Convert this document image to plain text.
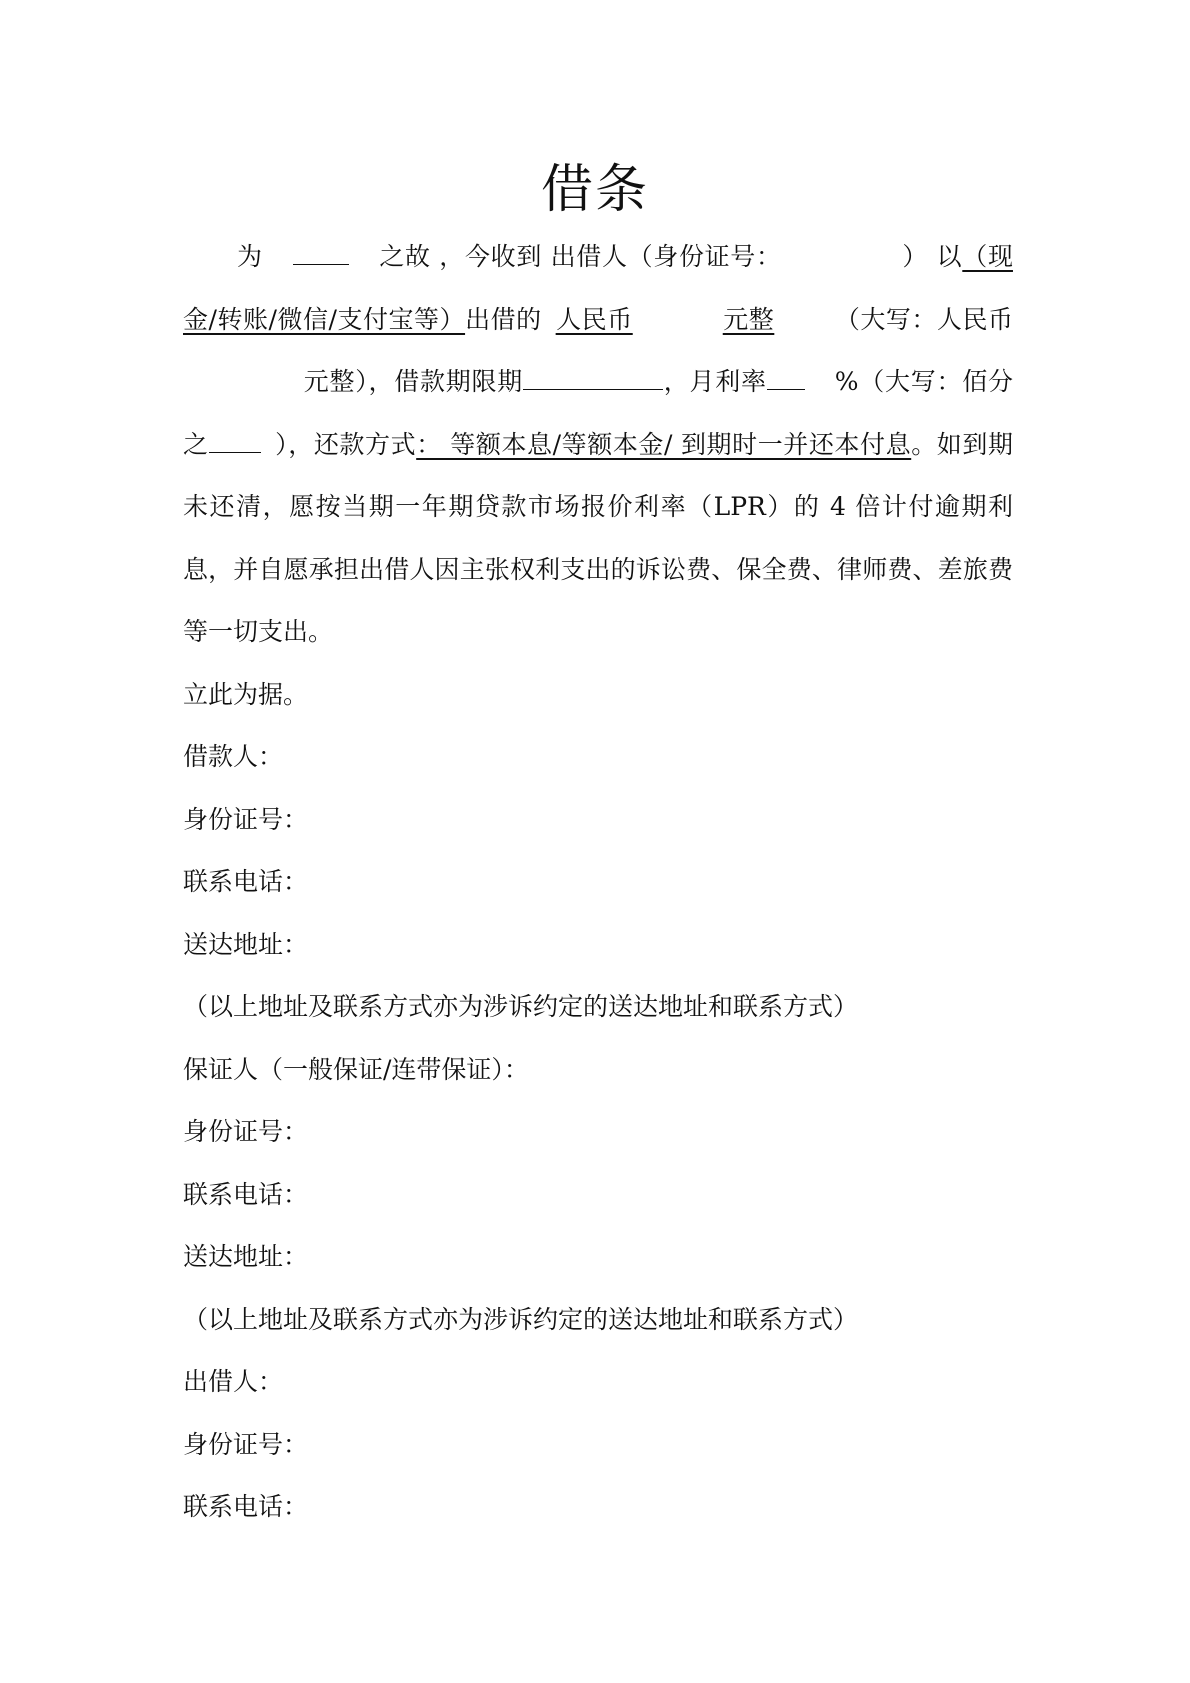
借条

为	之故 ，今收到 出借人（身份证号：	） 以（现金/转账/微信/支付宝等）出借的 人民币	元整 （大写：人民币元整），借款期限期	，月利率	%（大写：佰分之	），还款方式： 等额本息/等额本金/ 到期时一并还本付息。如到期未还清，愿按当期一年期贷款市场报价利率（LPR）的 4 倍计付逾期利息，并自愿承担出借人因主张权利支出的诉讼费、保全费、律师费、差旅费等一切支出。

立此为据。

借款人：

身份证号：

联系电话：

送达地址：

（以上地址及联系方式亦为涉诉约定的送达地址和联系方式）

保证人（一般保证/连带保证）：

身份证号：

联系电话：

送达地址：

（以上地址及联系方式亦为涉诉约定的送达地址和联系方式）

出借人：

身份证号：

联系电话：
